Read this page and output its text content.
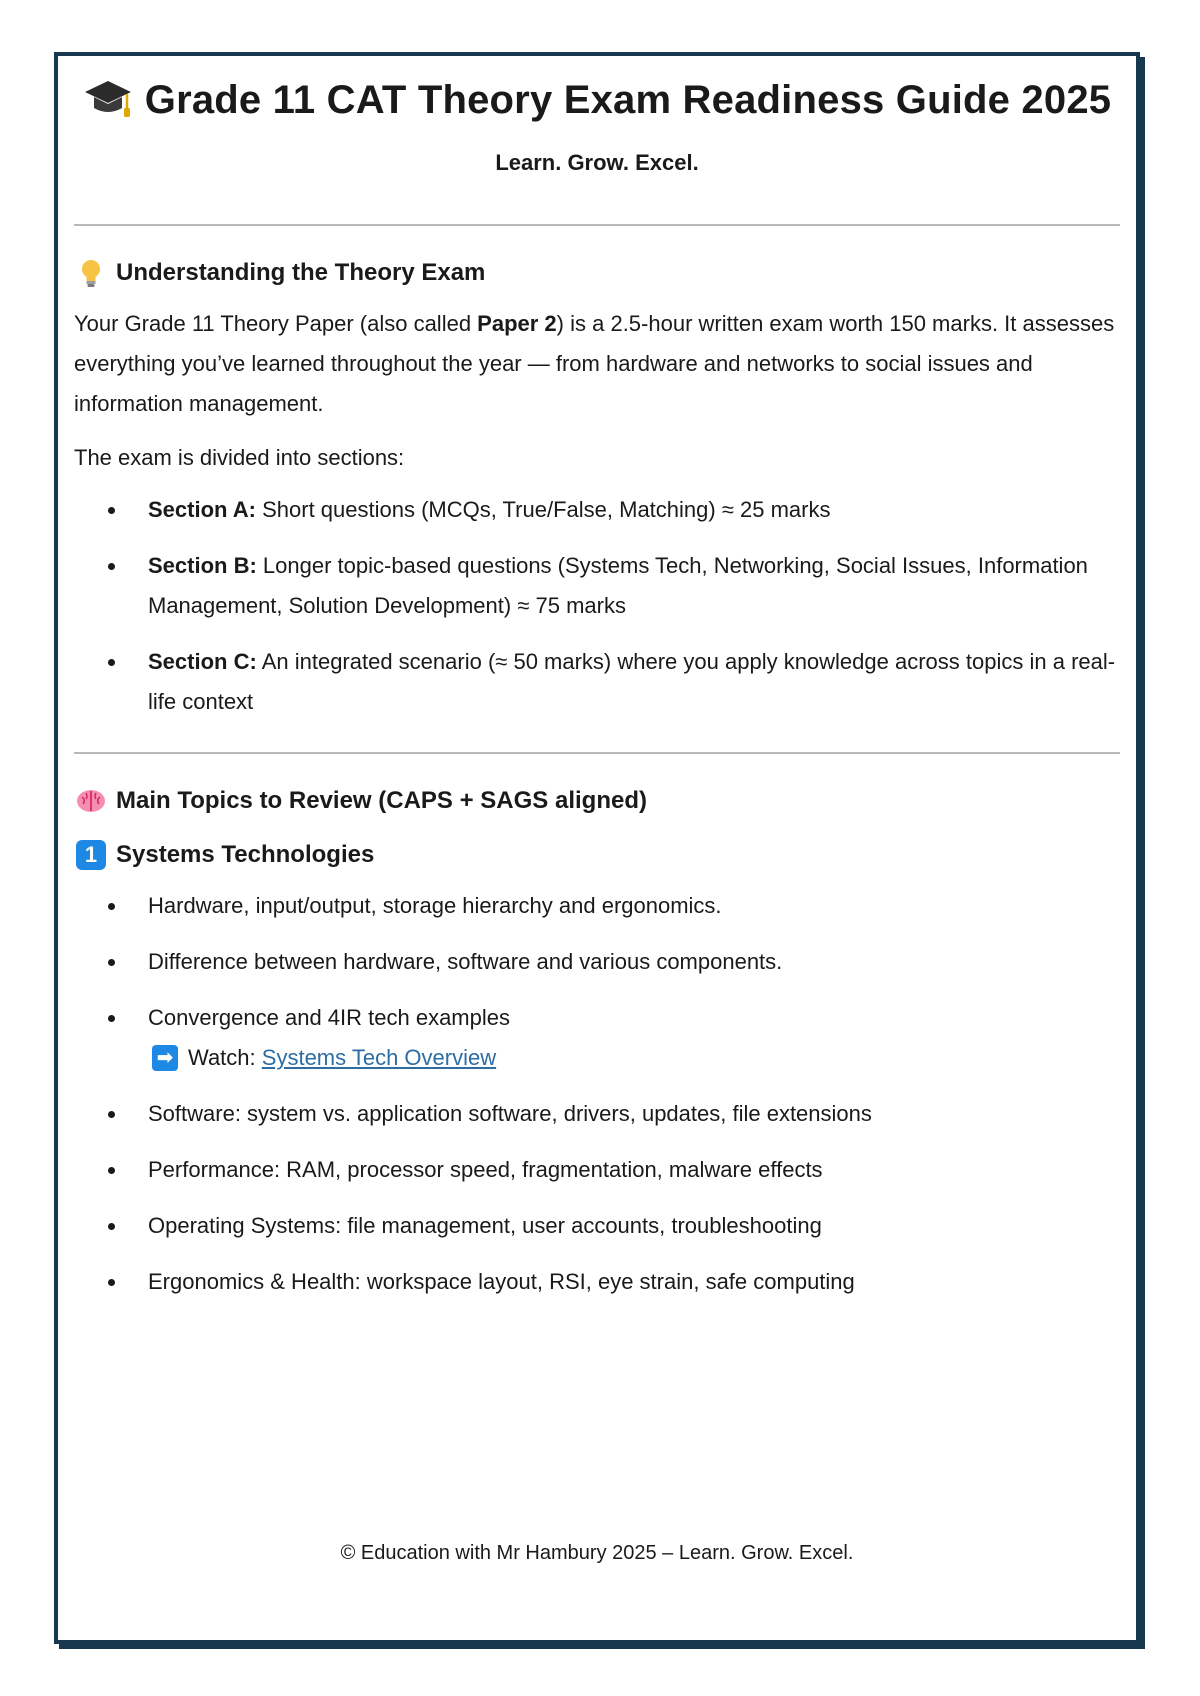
Grade 11 CAT Theory Exam Readiness Guide 2025
Learn. Grow. Excel.
Understanding the Theory Exam
Your Grade 11 Theory Paper (also called Paper 2) is a 2.5-hour written exam worth 150 marks. It assesses everything you’ve learned throughout the year — from hardware and networks to social issues and information management.
The exam is divided into sections:
Section A: Short questions (MCQs, True/False, Matching) ≈ 25 marks
Section B: Longer topic-based questions (Systems Tech, Networking, Social Issues, Information Management, Solution Development) ≈ 75 marks
Section C: An integrated scenario (≈ 50 marks) where you apply knowledge across topics in a real-life context
Main Topics to Review (CAPS + SAGS aligned)
1 Systems Technologies
Hardware, input/output, storage hierarchy and ergonomics.
Difference between hardware, software and various components.
Convergence and 4IR tech examples
➡ Watch:
Systems Tech Overview
Software: system vs. application software, drivers, updates, file extensions
Performance: RAM, processor speed, fragmentation, malware effects
Operating Systems: file management, user accounts, troubleshooting
Ergonomics & Health: workspace layout, RSI, eye strain, safe computing
© Education with Mr Hambury 2025 – Learn. Grow. Excel.
